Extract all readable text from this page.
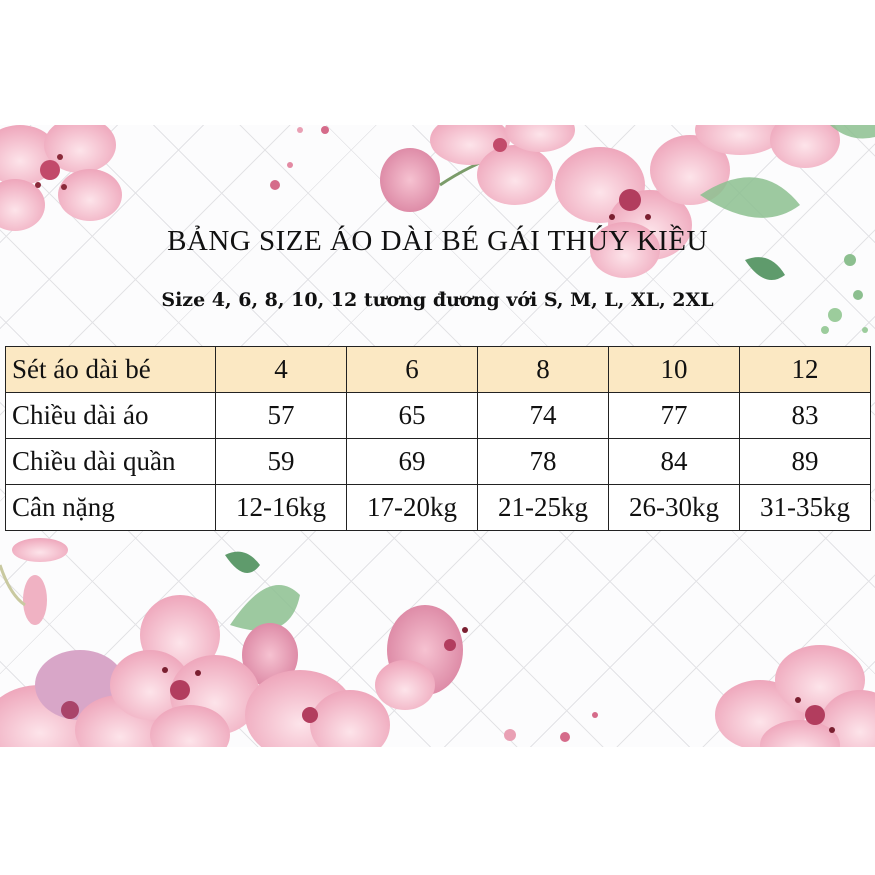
BẢNG SIZE ÁO DÀI BÉ GÁI THÚY KIỀU
Size 4, 6, 8, 10, 12 tương đương với S, M, L, XL, 2XL
Sét áo dài bé	4	6	8	10	12
Chiều dài áo	57	65	74	77	83
Chiều dài quần	59	69	78	84	89
Cân nặng	12-16kg	17-20kg	21-25kg	26-30kg	31-35kg
